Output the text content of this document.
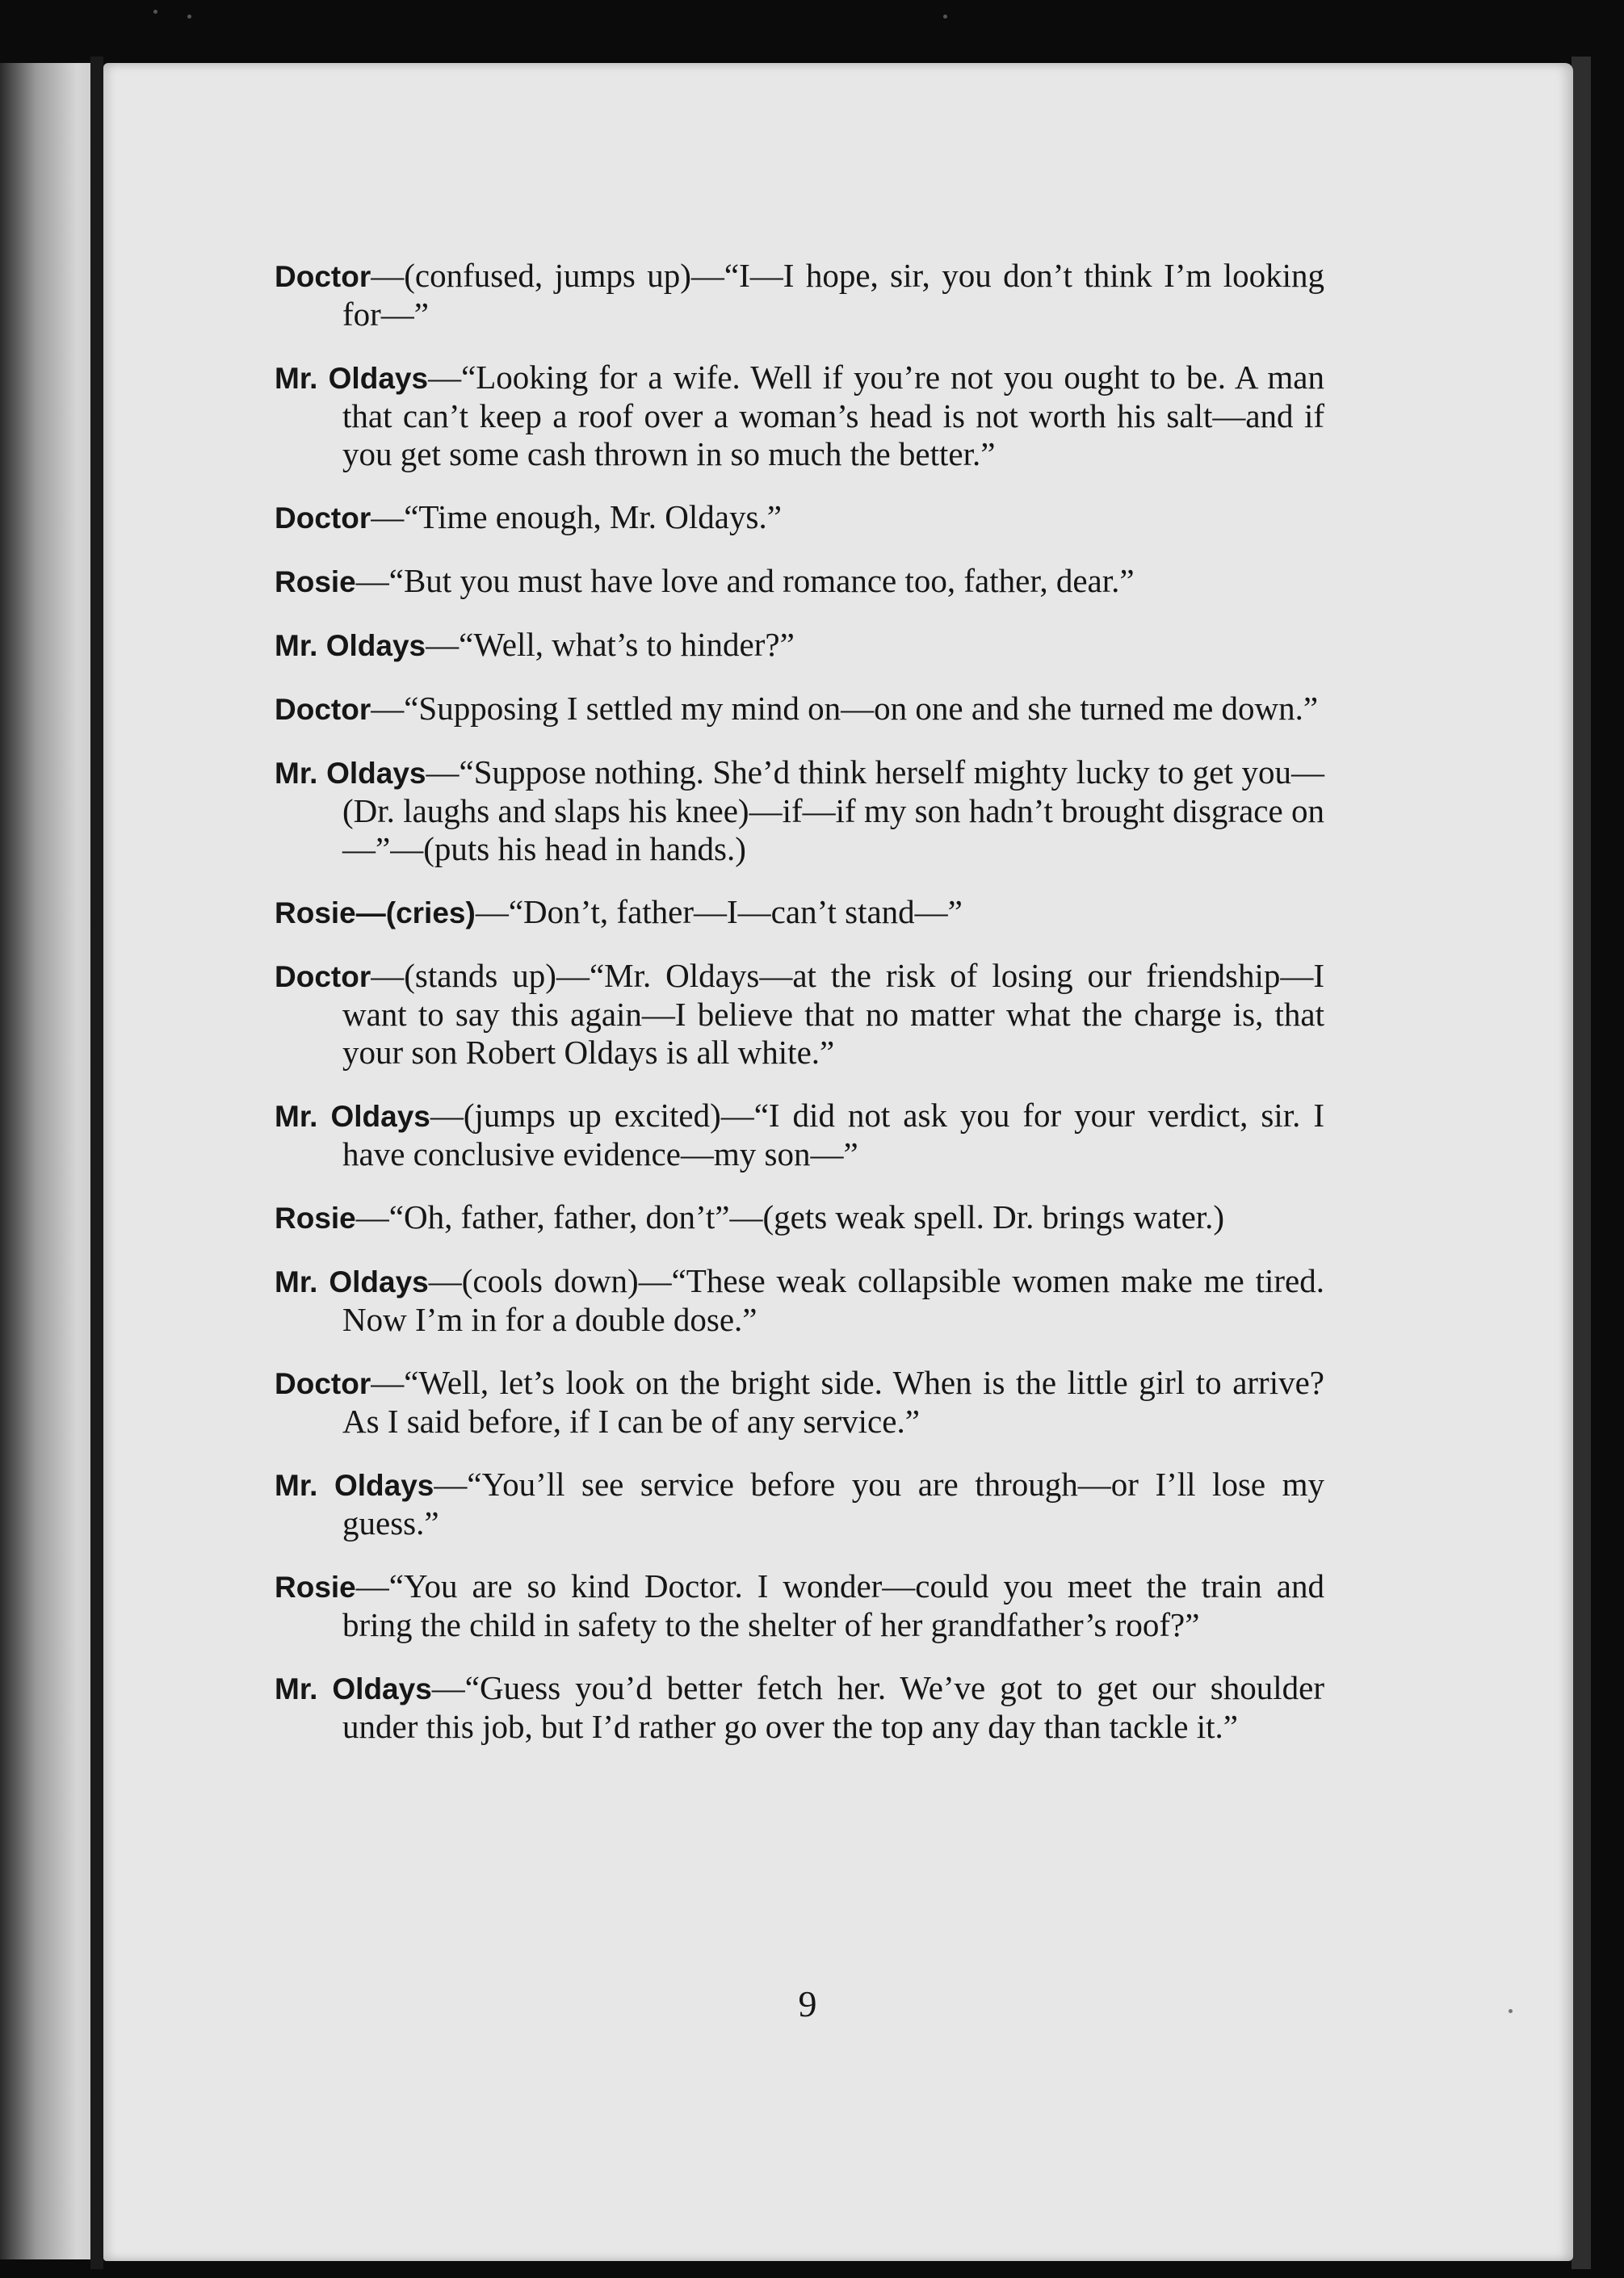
Doctor—(confused, jumps up)—“I—I hope, sir, you don’t think I’m looking for—”

Mr. Oldays—“Looking for a wife. Well if you’re not you ought to be. A man that can’t keep a roof over a woman’s head is not worth his salt—and if you get some cash thrown in so much the better.”

Doctor—“Time enough, Mr. Oldays.”

Rosie—“But you must have love and romance too, father, dear.”

Mr. Oldays—“Well, what’s to hinder?”

Doctor—“Supposing I settled my mind on—on one and she turned me down.”

Mr. Oldays—“Suppose nothing. She’d think herself mighty lucky to get you—(Dr. laughs and slaps his knee)—if—if my son hadn’t brought disgrace on—”—(puts his head in hands.)

Rosie—(cries)—“Don’t, father—I—can’t stand—”

Doctor—(stands up)—“Mr. Oldays—at the risk of losing our friendship—I want to say this again—I believe that no matter what the charge is, that your son Robert Oldays is all white.”

Mr. Oldays—(jumps up excited)—“I did not ask you for your verdict, sir. I have conclusive evidence—my son—”

Rosie—“Oh, father, father, don’t”—(gets weak spell. Dr. brings water.)

Mr. Oldays—(cools down)—“These weak collapsible women make me tired. Now I’m in for a double dose.”

Doctor—“Well, let’s look on the bright side. When is the little girl to arrive? As I said before, if I can be of any service.”

Mr. Oldays—“You’ll see service before you are through—or I’ll lose my guess.”

Rosie—“You are so kind Doctor. I wonder—could you meet the train and bring the child in safety to the shelter of her grandfather’s roof?”

Mr. Oldays—“Guess you’d better fetch her. We’ve got to get our shoulder under this job, but I’d rather go over the top any day than tackle it.”

9
